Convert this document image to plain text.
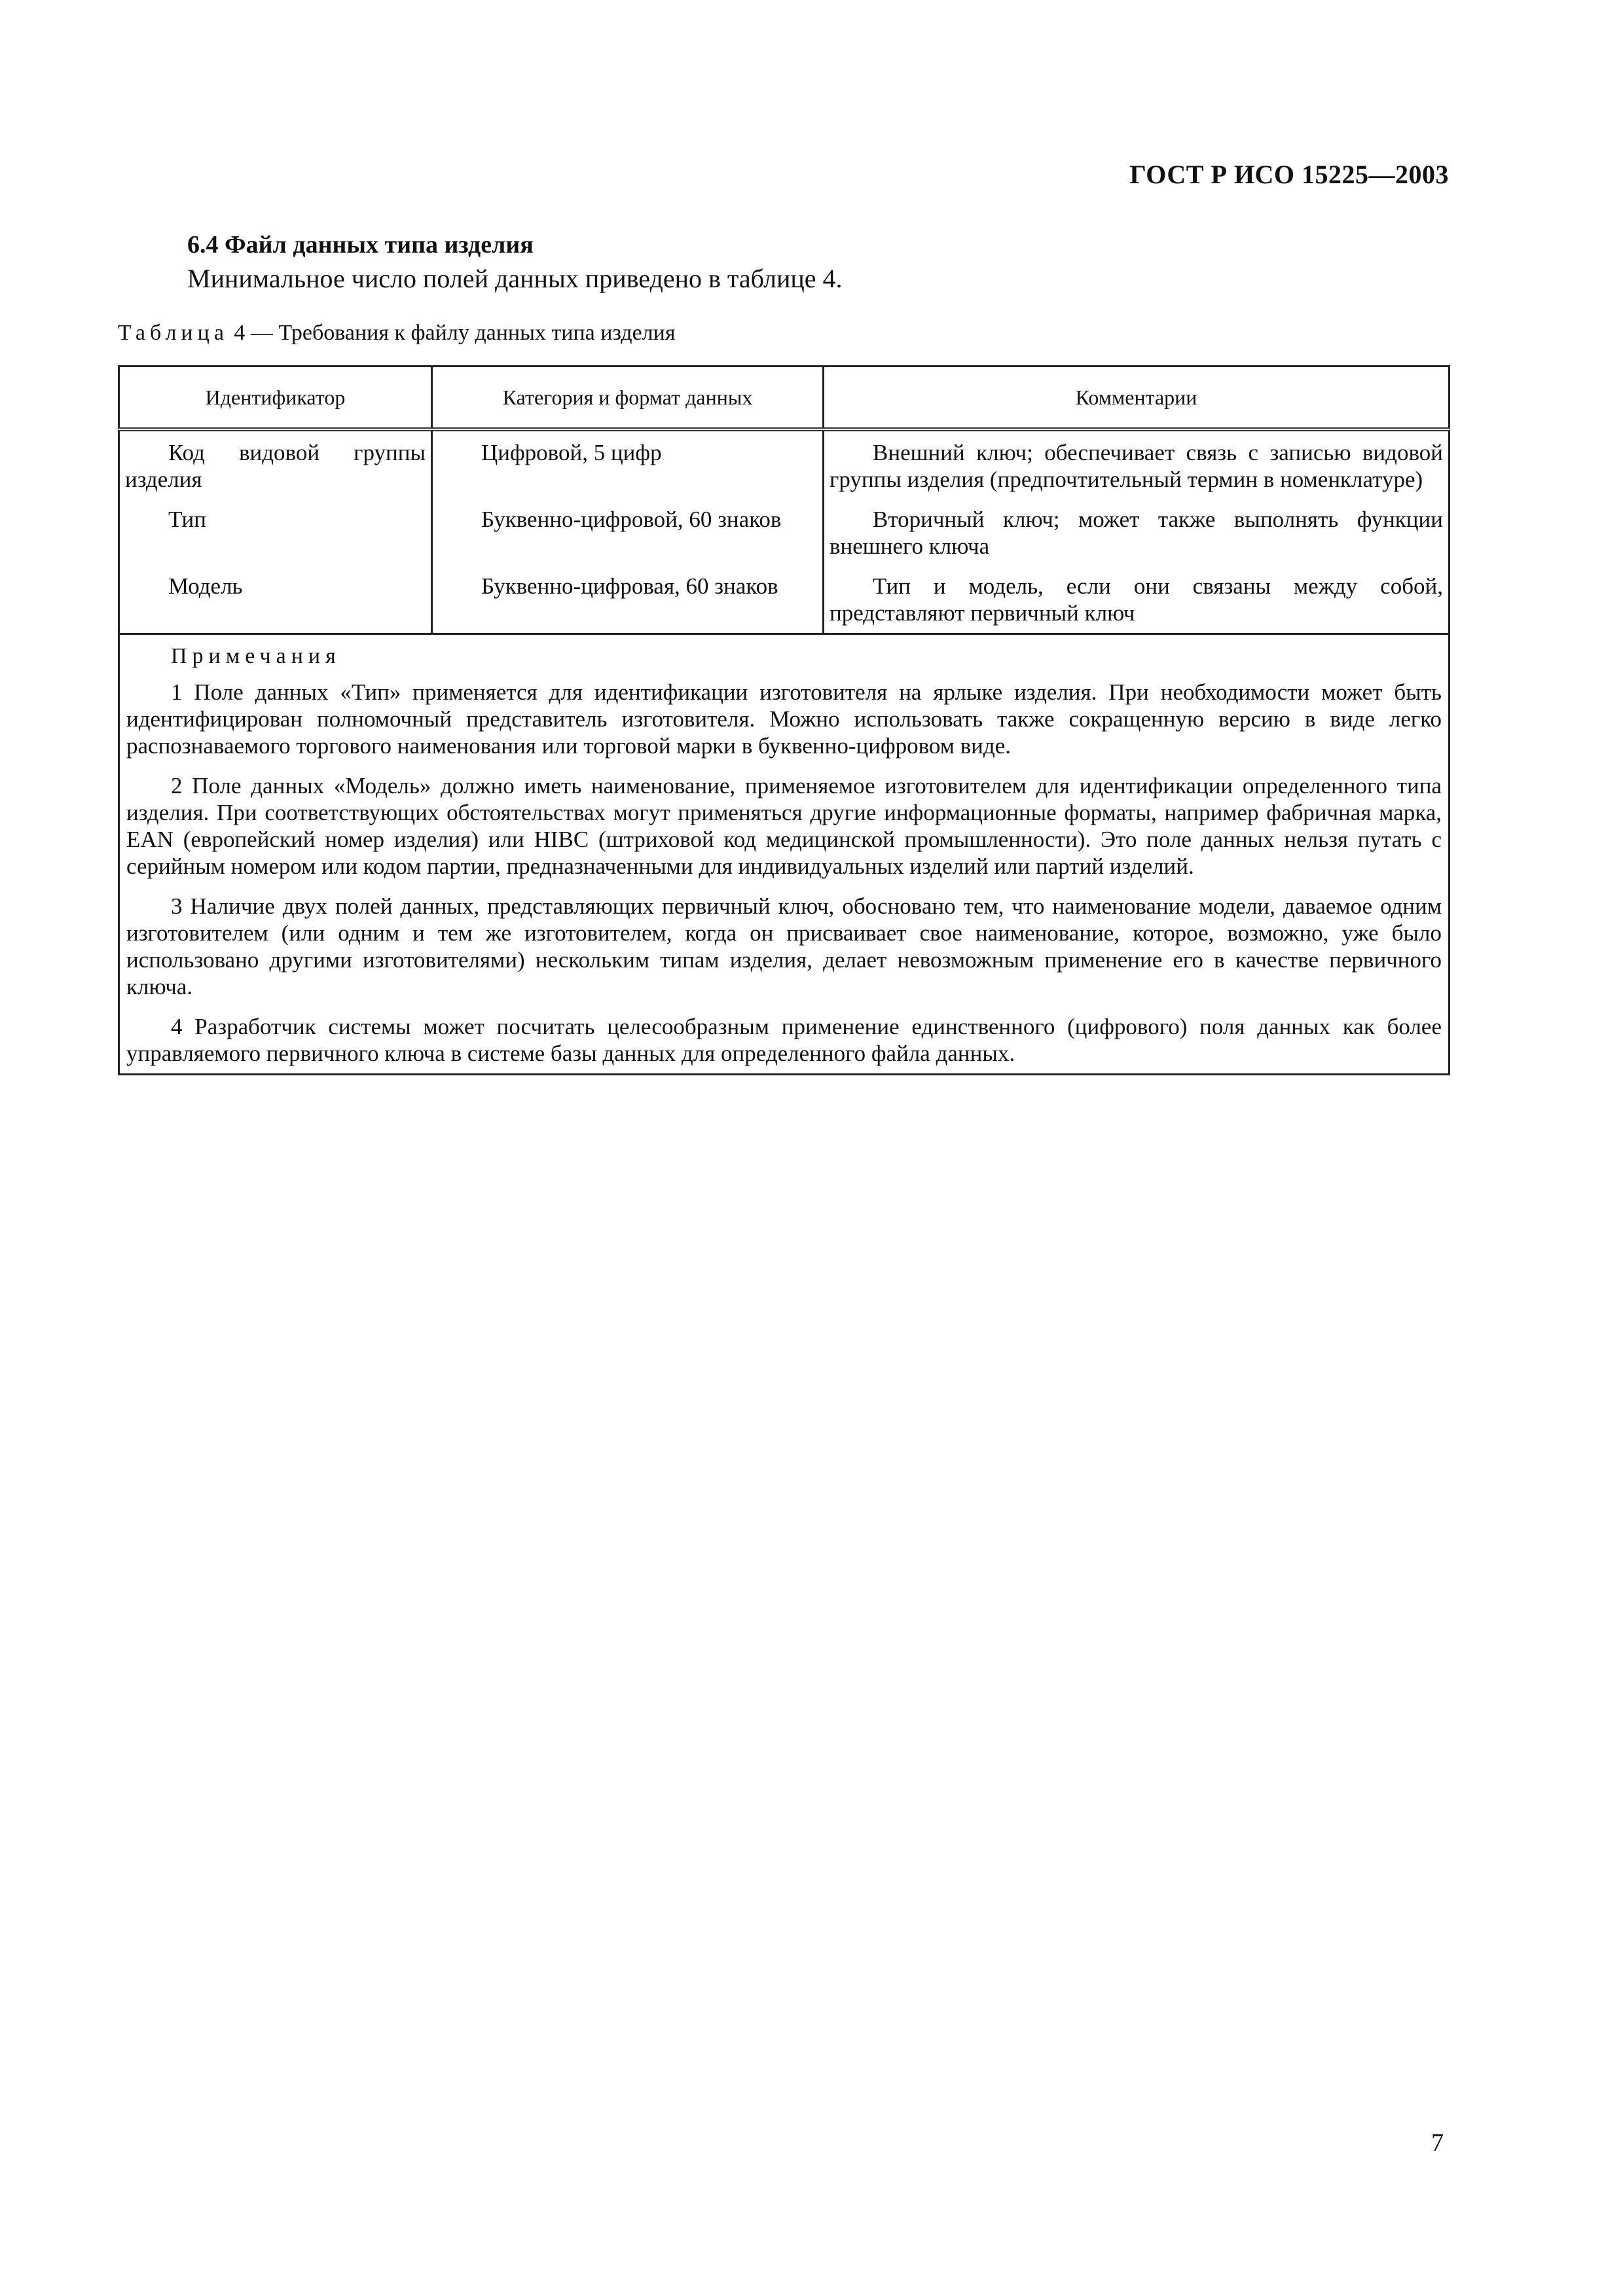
ГОСТ Р ИСО 15225—2003
6.4 Файл данных типа изделия
Минимальное число полей данных приведено в таблице 4.
Таблица 4 — Требования к файлу данных типа изделия
Идентификатор	Категория и формат данных	Комментарии

Код видовой группы изделия	Цифровой, 5 цифр	Внешний ключ; обеспечивает связь с записью видовой группы изделия (предпочтительный термин в номенклатуре)

Тип	Буквенно-цифровой, 60 знаков	Вторичный ключ; может также выполнять функции внешнего ключа

Модель	Буквенно-цифровая, 60 знаков	Тип и модель, если они связаны между собой, представляют первичный ключ

Примечания

1 Поле данных «Тип» применяется для идентификации изготовителя на ярлыке изделия. При необходимости может быть идентифицирован полномочный представитель изготовителя. Можно использовать также сокращенную версию в виде легко распознаваемого торгового наименования или торговой марки в буквенно-цифровом виде.

2 Поле данных «Модель» должно иметь наименование, применяемое изготовителем для идентификации определенного типа изделия. При соответствующих обстоятельствах могут применяться другие информационные форматы, например фабричная марка, EAN (европейский номер изделия) или HIBC (штриховой код медицинской промышленности). Это поле данных нельзя путать с серийным номером или кодом партии, предназначенными для индивидуальных изделий или партий изделий.

3 Наличие двух полей данных, представляющих первичный ключ, обосновано тем, что наименование модели, даваемое одним изготовителем (или одним и тем же изготовителем, когда он присваивает свое наименование, которое, возможно, уже было использовано другими изготовителями) нескольким типам изделия, делает невозможным применение его в качестве первичного ключа.

4 Разработчик системы может посчитать целесообразным применение единственного (цифрового) поля данных как более управляемого первичного ключа в системе базы данных для определенного файла данных.		

7
